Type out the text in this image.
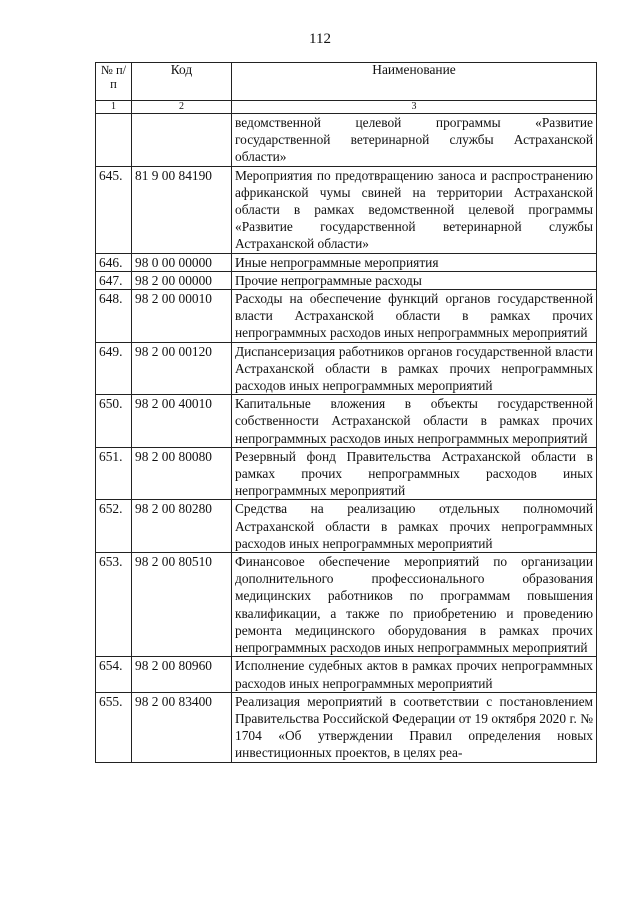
112
№ п/п	Код	Наименование
1	2	3
		ведомственной целевой программы «Развитие государственной ветеринарной службы Астраханской области»
645.	81 9 00 84190	Мероприятия по предотвращению заноса и распространению африканской чумы свиней на территории Астраханской области в рамках ведомственной целевой программы «Развитие государственной ветеринарной службы Астраханской области»
646.	98 0 00 00000	Иные непрограммные мероприятия
647.	98 2 00 00000	Прочие непрограммные расходы
648.	98 2 00 00010	Расходы на обеспечение функций органов государственной власти Астраханской области в рамках прочих непрограммных расходов иных непрограммных мероприятий
649.	98 2 00 00120	Диспансеризация работников органов государственной власти Астраханской области в рамках прочих непрограммных расходов иных непрограммных мероприятий
650.	98 2 00 40010	Капитальные вложения в объекты государственной собственности Астраханской области в рамках прочих непрограммных расходов иных непрограммных мероприятий
651.	98 2 00 80080	Резервный фонд Правительства Астраханской области в рамках прочих непрограммных расходов иных непрограммных мероприятий
652.	98 2 00 80280	Средства на реализацию отдельных полномочий Астраханской области в рамках прочих непрограммных расходов иных непрограммных мероприятий
653.	98 2 00 80510	Финансовое обеспечение мероприятий по организации дополнительного профессионального образования медицинских работников по программам повышения квалификации, а также по приобретению и проведению ремонта медицинского оборудования в рамках прочих непрограммных расходов иных непрограммных мероприятий
654.	98 2 00 80960	Исполнение судебных актов в рамках прочих непрограммных расходов иных непрограммных мероприятий
655.	98 2 00 83400	Реализация мероприятий в соответствии с постановлением Правительства Российской Федерации от 19 октября 2020 г. № 1704 «Об утверждении Правил определения новых инвестиционных проектов, в целях реа-
